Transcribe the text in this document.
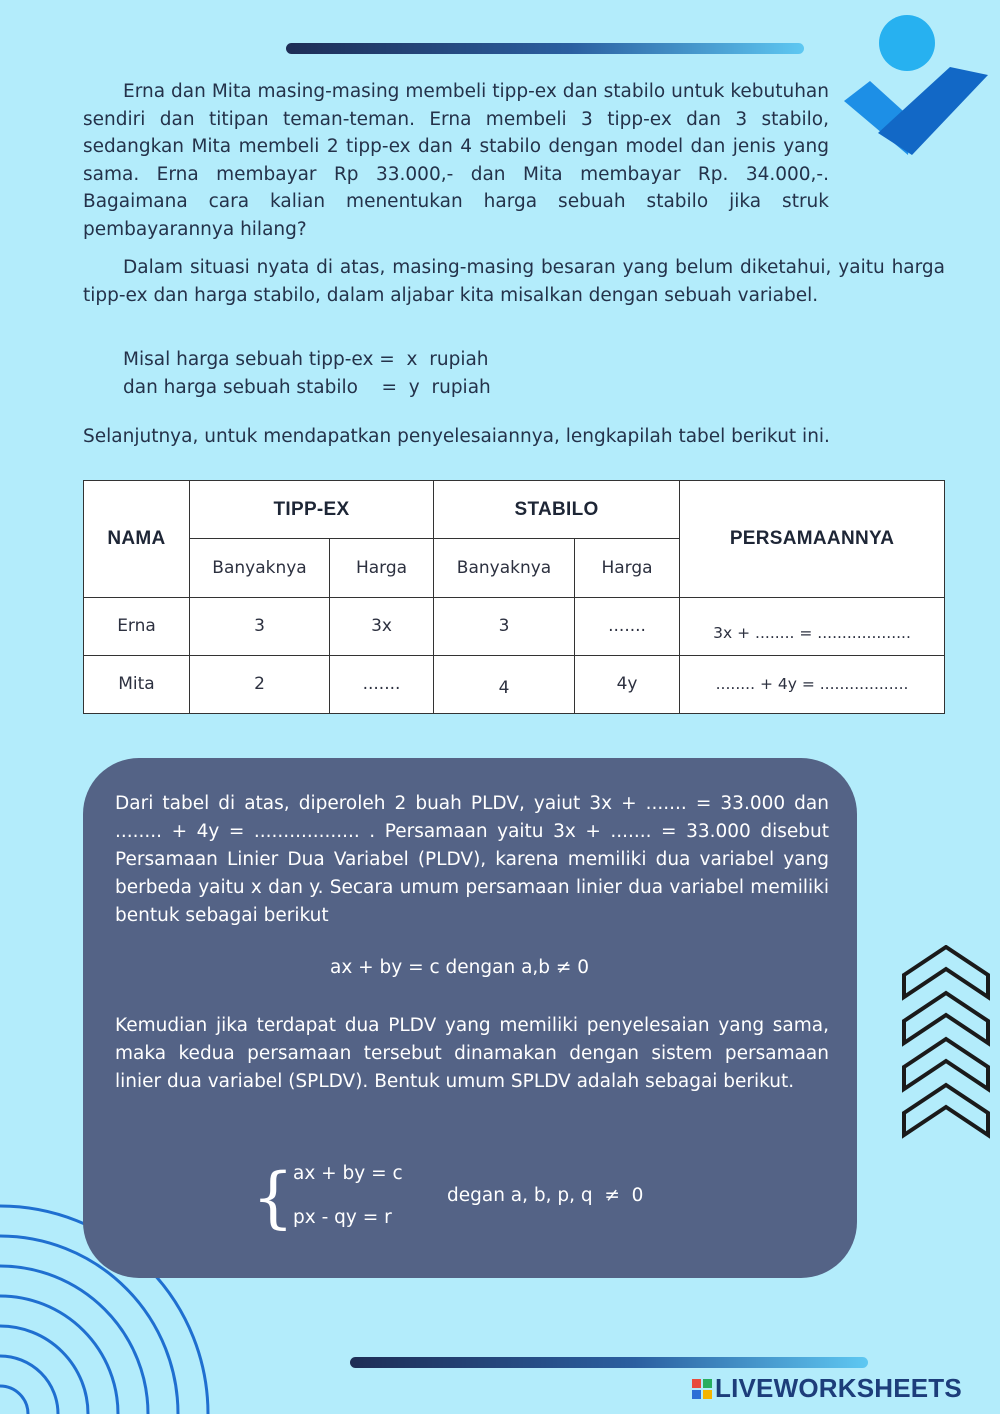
Erna dan Mita masing-masing membeli tipp-ex dan stabilo untuk kebutuhan sendiri dan titipan teman-teman. Erna membeli 3 tipp-ex dan 3 stabilo, sedangkan Mita membeli 2 tipp-ex dan 4 stabilo dengan model dan jenis yang sama. Erna membayar Rp 33.000,- dan Mita membayar Rp. 34.000,-. Bagaimana cara kalian menentukan harga sebuah stabilo jika struk pembayarannya hilang?
Dalam situasi nyata di atas, masing-masing besaran yang belum diketahui, yaitu harga tipp-ex dan harga stabilo, dalam aljabar kita misalkan dengan sebuah variabel.
Misal harga sebuah tipp-ex =  x  rupiah
dan harga sebuah stabilo    =  y  rupiah
Selanjutnya, untuk mendapatkan penyelesaiannya, lengkapilah tabel berikut ini.
NAMA	TIPP-EX		STABILO		PERSAMAANNYA
	Banyaknya	Harga	Banyaknya	Harga	
Erna	3	3x	3	.......	3x + ........ = ...................
Mita	2	.......	4	4y	........ + 4y = ..................
Dari tabel di atas, diperoleh 2 buah PLDV, yaiut 3x + ....... = 33.000 dan ........ + 4y = .................. . Persamaan yaitu 3x + ....... = 33.000 disebut Persamaan Linier Dua Variabel (PLDV), karena memiliki dua variabel yang berbeda yaitu x dan y. Secara umum persamaan linier dua variabel memiliki bentuk sebagai berikut
ax + by = c dengan a,b ≠ 0
Kemudian jika terdapat dua PLDV yang memiliki penyelesaian yang sama, maka kedua persamaan tersebut dinamakan dengan sistem persamaan linier dua variabel (SPLDV). Bentuk umum SPLDV adalah sebagai berikut.
{ ax + by = c
px - qy = r
degan a, b, p, q  ≠  0
LIVEWORKSHEETS
